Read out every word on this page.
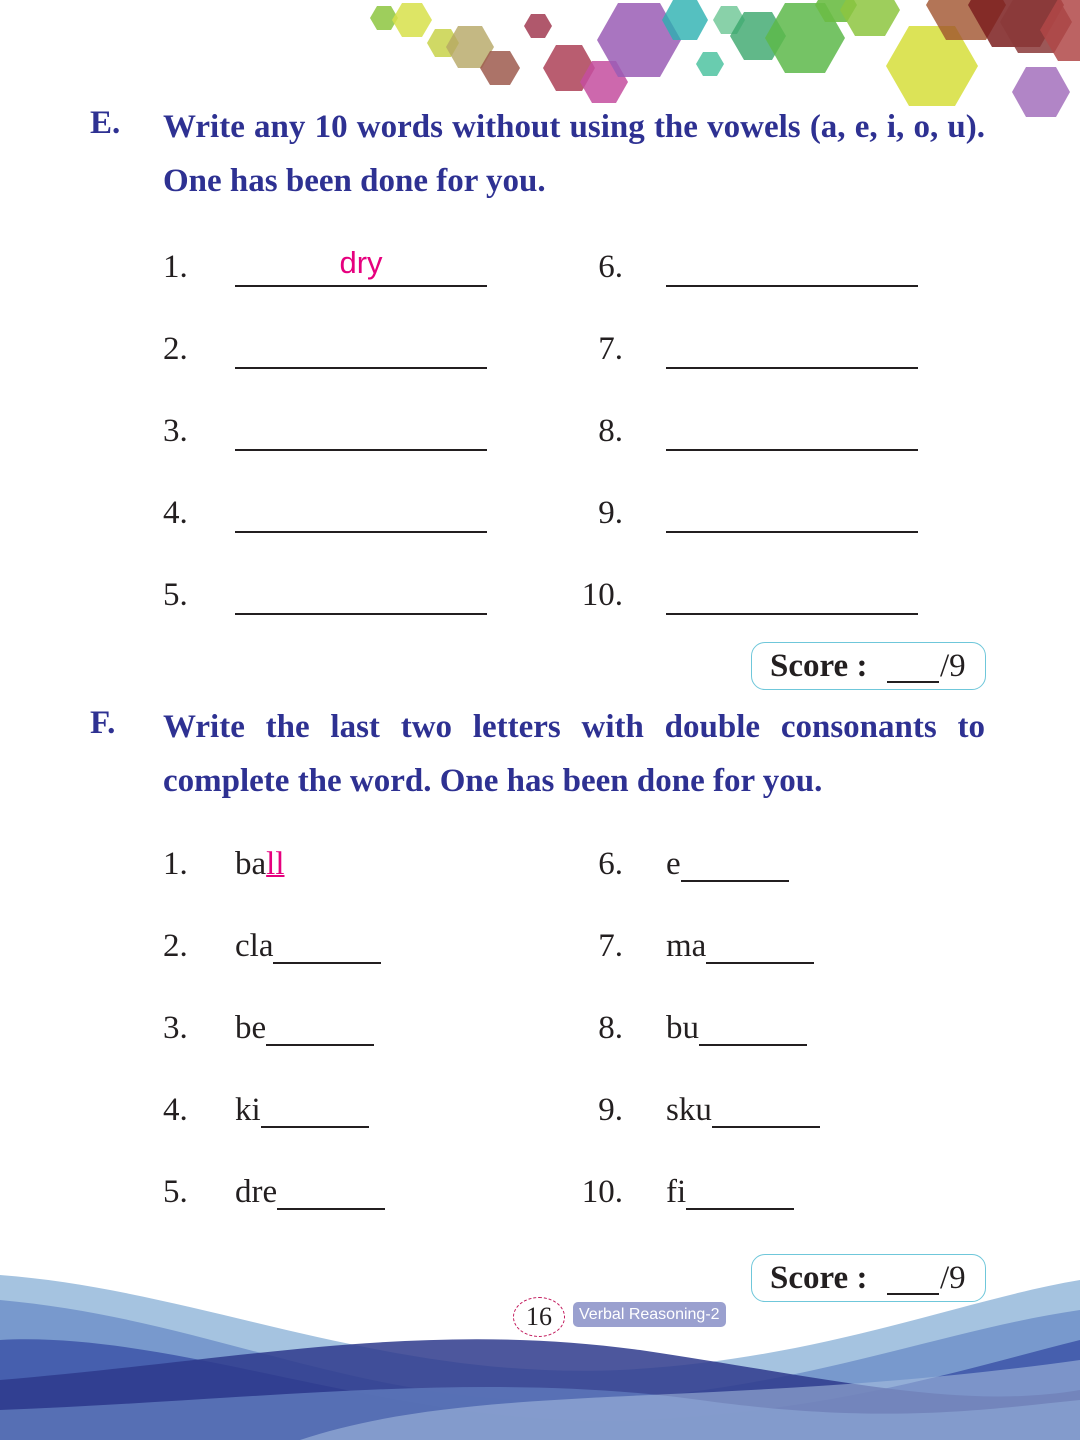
E. Write any 10 words without using the vowels (a, e, i, o, u). One has been done for you.
1.	dry
2.
3.
4.
5.
6.
7.
8.
9.
10.
Score : /9
F. Write the last two letters with double consonants to complete the word. One has been done for you.
1. ball
2. cla
3. be
4. ki
5. dre
6. e
7. ma
8. bu
9. sku
10. fi
Score : /9
16	Verbal Reasoning-2
